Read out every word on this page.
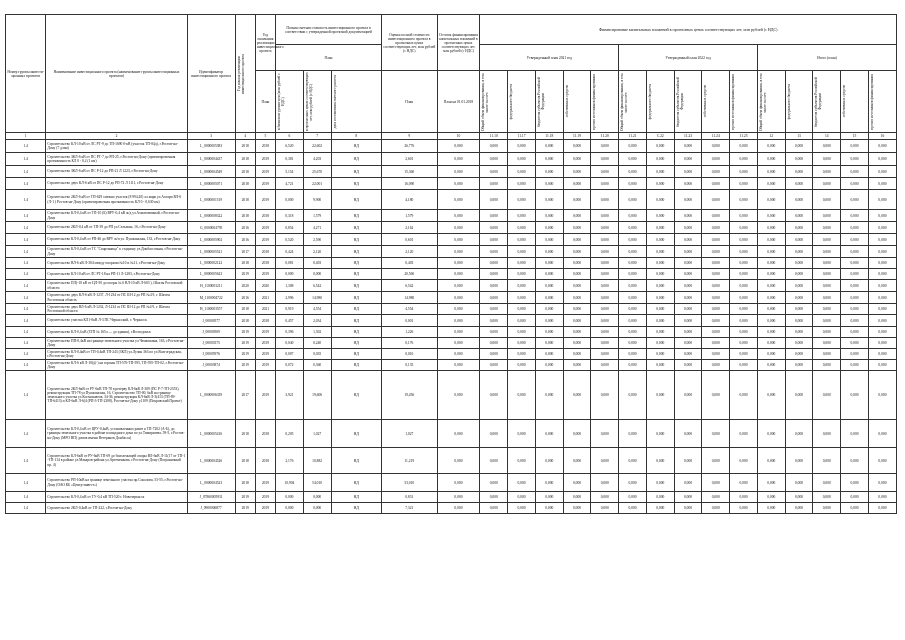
Номер группы инвести-ционных проектов	Наименование инвестиционного проекта (наименование группы инвестиционных проектов)	Идентификатор инвестиционного проекта	Год начала реализации инвестиционного проекта	Год окончания реализации инвестиционного проекта	Полная сметная стоимость инвестиционного проекта в соответствии с утвержденной проектной документацией			Оценка полной стоимости инвестиционного проекта в прогнозных ценах соответствующих лет, млн рублей (с НДС)	Остаток финансирования капитальных вложений в прогнозных ценах соответствующих лет, млн рублей (с НДС)	Финансирование капитальных вложений в прогнозных ценах соответствующих лет, млн рублей (с НДС)														
					План					Утвержденный план 2021 год					Утвержденный план 2022 год					Итого (план)				
				План	в базисном уровне цен (млн рублей с НДС)	в прогнозных ценах соответствующих лет, млн рублей (с НДС)	дата составления сметного расчета	План	План на 01.01.2018	Общий объем финансирования, в том числе за счет:	федерального бюджета	бюджетов субъектов Российской Федерации	собственных средств	прочих источников финансирования	Общий объем финансирования, в том числе за счет:	федерального бюджета	бюджетов субъектов Российской Федерации	собственных средств	прочих источников финансирования	Общий объем финансирования, в том числе за счет:	федерального бюджета	бюджетов субъектов Российской Федерации	собственных средств	прочих источников финансирования

1	2	3	4	5	6	7	8	9	10	11.10	11.17	11.18	11.19	11.20	11.21	С.22	11.23	11.24	11.25	12	13	14	15	16
1.4	Строительство КЛ-10 кВ от ЛС РТ-9 до ТП-1690 0-кВ (участок ТП-84д), г.Ростов-на-Дону (7 длин)	L_0000005383	2018	2018	6,520	22,602	НД	26,776	0,000	0,000	0,000	0,000	0,000	0,000	0,000	0,000	0,000	0,000	0,000	0,000	0,000	0,000	0,000	0,000
1.4	Строительство ЗКЛ-6 кВ от ПС РТ-7 до РП-25, г.Ростов-на-Дону (ориентировочная протяженность КЛ 0 - 0,2 (1 км)	L_0000004437	2018	2019	0,381	4,203	НД	2,601	0,000	0,000	0,000	0,000	0,000	0,000	0,000	0,000	0,000	0,000	0,000	0,000	0,000	0,000	0,000	0,000
1.4	Строительство ЗКЛ-6 кВ от ПС Р-12 до РП-21 Л 1223, г.Ростов-на-Дону	L_0000004549	2018	2019	5,154	25,670	НД	15,360	0,000	0,000	0,000	0,000	0,000	0,000	0,000	0,000	0,000	0,000	0,000	0,000	0,000	0,000	0,000	0,000
1.4	Строительство двух КЛ-6 кВ от ПС Р-12 до РП-72 Л 1111, г.Ростов-на-Дону	L_0000005071	2018	2019	4,721	22,001	НД	16,090	0,000	0,000	0,000	0,000	0,000	0,000	0,000	0,000	0,000	0,000	0,000	0,000	0,000	0,000	0,000	0,000
1.4	Строительство 2КЛ-6 кВ от ТП-629 смежно участок (8 994,20) лл.марк ул.Ахтари ВЛ-6 (Л-1 ) Ростов-на-Дону (ориентировочная протяженность КЛ 0 - 0,630 км)	L_0000001519	2018	2019	0,000	9,900	НД	4,180	0,000	0,000	0,000	0,000	0,000	0,000	0,000	0,000	0,000	0,000	0,000	0,000	0,000	0,000	0,000	0,000
1.4	Строительство КЛ-0,4 кВ от ТП-10 (Б) ВРУ-0,4 кВ ж/д ул.Ахматовичный, г.Ростов-на-Дону	L_0000008322	2018	2018	0,318	1,579	НД	1,579	0,000	0,000	0,000	0,000	0,000	0,000	0,000	0,000	0,000	0,000	0,000	0,000	0,000	0,000	0,000	0,000
1.4	Строительство 2КЛ-0,4 кВ от ТП-39 до РП ул.Сельмаш, 16, г.Ростов-на-Дону	G_0000004795	2016	2019	0,854	4,271	НД	2,162	0,000	0,000	0,000	0,000	0,000	0,000	0,000	0,000	0,000	0,000	0,000	0,000	0,000	0,000	0,000	0,000
1.4	Строительство КЛ-0,4 кВ от РП-46 до ВРУ ж/п ул. Пушкинская, 133, г.Ростов-на-Дону	L_0000005902	2016	2019	0,520	2,590	НД	0,601	0,000	0,000	0,000	0,000	0,000	0,000	0,000	0,000	0,000	0,000	0,000	0,000	0,000	0,000	0,000	0,000
1.4	Строительство КЛ-0,4 кВ от ТС "Спартаница" к стадиону ул.Донбассочная, г.Ростов-на-Дону	L_0000005521	2017	2018	0,424	2,120	НД	2,120	0,000	0,000	0,000	0,000	0,000	0,000	0,000	0,000	0,000	0,000	0,000	0,000	0,000	0,000	0,000	0,000
1.4	Строительство ВЛ-6 кВ Л-304 между опорами №10 и №11, г.Ростов-на-Дону	L_0000002122	2018	2018	0,081	0,403	НД	0,403	0,000	0,000	0,000	0,000	0,000	0,000	0,000	0,000	0,000	0,000	0,000	0,000	0,000	0,000	0,000	0,000
1.4	Строительство КЛ-10 кВ от ЛС РТ-18 на РП-11 Л-1283, г.Ростов-на-Дону	L_0000005623	2019	2019	0,000	0,000	НД	20,560	0,000	0,000	0,000	0,000	0,000	0,000	0,000	0,000	0,000	0,000	0,000	0,000	0,000	0,000	0,000	0,000
1.4	Строительство ПЛ(-10 кВ от ЦЛ-50 до опоры № 6 ВЛ-10 кВ Л-603 ), Шахты Ростовской области	H_1100003211	2020	2020	1,308	6,542	НД	6,542	0,000	0,000	0,000	0,000	0,000	0,000	0,000	0,000	0,000	0,000	0,000	0,000	0,000	0,000	0,000	0,000
1.4	Строительство двух КЛ-6 кВ Л-1237, Л-1234 от ПС Ш-12 до РП №4 9, г. Шахты Ростовская область	M_1100004722	2016	2021	2,996	14,980	НД	14,980	0,000	0,000	0,000	0,000	0,000	0,000	0,000	0,000	0,000	0,000	0,000	0,000	0,000	0,000	0,000	0,000
1.4	Строительство двух ВЛ-6 кВ Л-1232, Л-1234 от ПС Ш-12 до РП №4 9, г. Шахты Ростовской области	H_1100003557	2018	2021	0,919	4,554	НД	4,554	0,000	0,000	0,000	0,000	0,000	0,000	0,000	0,000	0,000	0,000	0,000	0,000	0,000	0,000	0,000	0,000
1.4	Строительство участка КЛ1-0кВ Л-3 ПС Черкасский, г. Черкасск	J_00000577	2018	2018	0,457	2,034	НД	0,001	0,000	0,000	0,000	0,000	0,000	0,000	0,000	0,000	0,000	0,000	0,000	0,000	0,000	0,000	0,000	0,000
1.4	Строительство КЛ-0,4 кВ (ЗТП № 165л — до здания), г.Волгодонск	J_00000509	2019	2019	0,396	1,302	НД	1,226	0,000	0,000	0,000	0,000	0,000	0,000	0,000	0,000	0,000	0,000	0,000	0,000	0,000	0,000	0,000	0,000
1.4	Строительство ПП-0,4кВ на границе земельного участка ул.Чемашкина, 163, г.Ростов-на-Дону	J_00003575	2019	2019	0,040	0,240	НД	0,176	0,000	0,000	0,000	0,000	0,000	0,000	0,000	0,000	0,000	0,000	0,000	0,000	0,000	0,000	0,000	0,000
1.4	Строительство КЛ-0,4кВ от ТП-0,4кВ ТП-243 (ЗКЛ) ул.Лузин 363 по ул.Волгоградская, г.Ростов-на-Дону	J_00005976	2019	2019	0,007	0,035	НД	0,016	0,000	0,000	0,000	0,000	0,000	0,000	0,000	0,000	0,000	0,000	0,000	0,000	0,000	0,000	0,000	0,000
1.4	Строительство КЛ-6 кВ Л-10(@ ) на гороны ТП-576-ТП-595, ТП-595-ТП-02, г.Ростов-на-Дону	J_00003874	2019	2019	0,072	0,360	НД	0,135	0,000	0,000	0,000	0,000	0,000	0,000	0,000	0,000	0,000	0,000	0,000	0,000	0,000	0,000	0,000	0,000
1.4	Строительство 2КЛ-6кВ от РУ-6кВ ТП-78 в резерву КЛ-6кВ Л-309 (ПС Р-7-ТП-2353), реконструкция ТП-78 ул.Пушкинская, 16, Строительство ТП-00, 6кВ на границе земельного участка ул.Космонавтов, 34-36, реконструкция КЛ-6кВ Л-3(413 (ТП-89-ТП-6413) и КЛ-6кВ Л-6(4 (РП-3-ТП-2308), Ростов-на-Дону у1109 (Покровский Проект)	L_0000006339	2017	2019	3,921	19,606	НД	19,456	0,000	0,000	0,000	0,000	0,000	0,000	0,000	0,000	0,000	0,000	0,000	0,000	0,000	0,000	0,000	0,000
1.4	Строительство КЛ-0,4 кВ от ЦРУ-0,4кВ, установленных ранее к ТП-7202 (А-Б), до границы земельного участка в районе площадного дома по ул.Тимирязева, 59-5, г.Ростов-на-Дону (МРО ВП) домов имени Ветеранов Донбасса)	L_0000005416	2018	2018	0,205	1,027	НД	1,027	0,000	0,000	0,000	0,000	0,000	0,000	0,000	0,000	0,000	0,000	0,000	0,000	0,000	0,000	0,000	0,000
1.4	Строительство КЛ-6кВ от РУ-6кВ ТП-69 до близлежащей опоры ВЛ-6кВ Л-11(17 от ТП-1 -ТП-114 в районе ул.Макаров-района ул.Артеменкова, г.Ростов-на-Дону (Пограничный пр. 4)	L_0000004526	2018	2018	2,176	10,882	НД	11,219	0,000	0,000	0,000	0,000	0,000	0,000	0,000	0,000	0,000	0,000	0,000	0,000	0,000	0,000	0,000	0,000
1.4	Строительство РП-10кВ на границе земельного участка пр.Соколова, 53-55, г.Ростов-на-Дону (ОАО КБ «Центр-инвест»)	L_0000004523	2018	2019	10,904	54,010	НД	53,010	0,000	0,000	0,000	0,000	0,000	0,000	0,000	0,000	0,000	0,000	0,000	0,000	0,000	0,000	0,000	0,000
1.4	Строительство КЛ-0,4 кВ от ТУ-0,4 кВ ТП-520 г. Новочеркасск	J_07860005931	2019	2019	0,000	0,000	НД	0,831	0,000	0,000	0,000	0,000	0,000	0,000	0,000	0,000	0,000	0,000	0,000	0,000	0,000	0,000	0,000	0,000
1.4	Строительство 2КЛ-0,4кВ от ТП-222, г.Ростов-на-Дону	J_0900006877	2019	2019	0,000	0,000	НД	7,321	0,000	0,000	0,000	0,000	0,000	0,000	0,000	0,000	0,000	0,000	0,000	0,000	0,000	0,000	0,000	0,000
